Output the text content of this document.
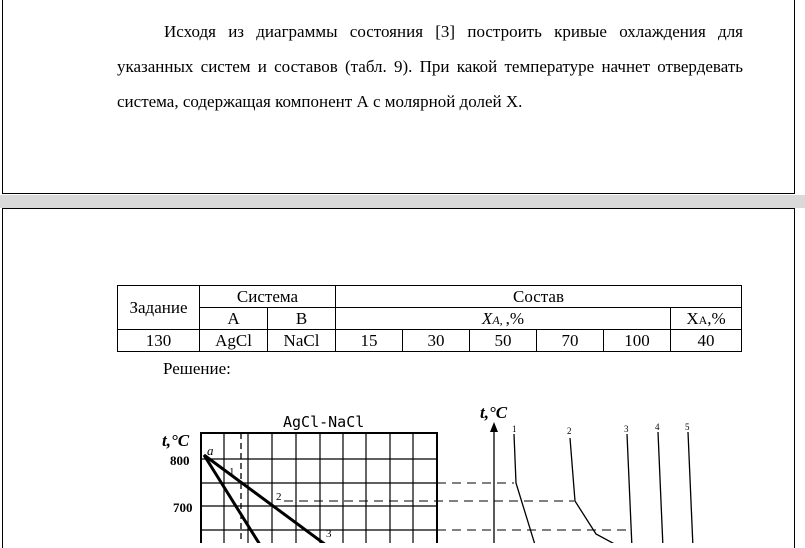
Исходя из диаграммы состояния [3] построить кривые охлаждения для указанных систем и составов (табл. 9). При какой температуре начнет отвердевать система, содержащая компонент А с молярной долей X.

Задание	Система		Состав					
	A	B	XA, ,%					XA,%
130	AgCl	NaCl	15	30	50	70	100	40
Решение:
AgCl-NaCl
t,°C
800
700
a
1
2
3
t,°C
1	2	3	4	5
